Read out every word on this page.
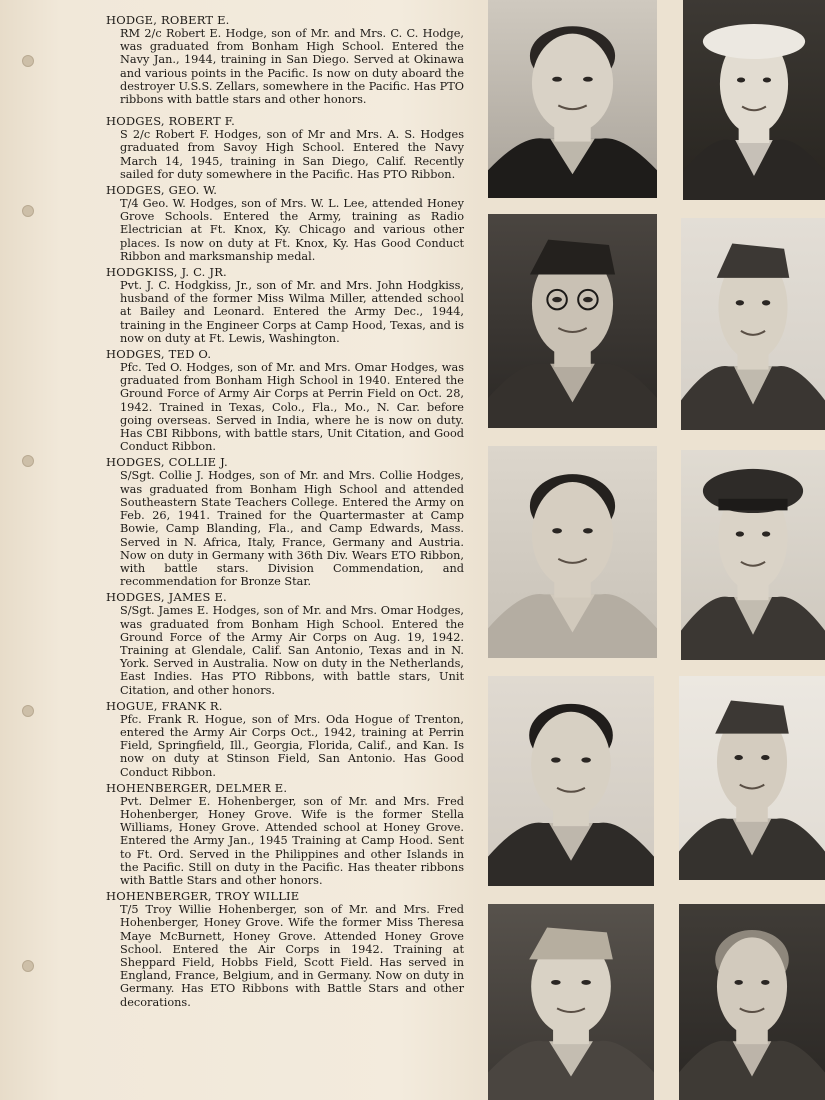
HODGE, ROBERT E.

RM 2/c Robert E. Hodge, son of Mr. and Mrs. C. C. Hodge, was graduated from Bonham High School. Entered the Navy Jan., 1944, training in San Diego. Served at Okinawa and various points in the Pacific. Is now on duty aboard the destroyer U.S.S. Zellars, somewhere in the Pacific. Has PTO ribbons with battle stars and other honors.

HODGES, ROBERT F.

S 2/c Robert F. Hodges, son of Mr and Mrs. A. S. Hodges graduated from Savoy High School. Entered the Navy March 14, 1945, training in San Diego, Calif. Recently sailed for duty somewhere in the Pacific. Has PTO Ribbon.

HODGES, GEO. W.

T/4 Geo. W. Hodges, son of Mrs. W. L. Lee, attended Honey Grove Schools. Entered the Army, training as Radio Electrician at Ft. Knox, Ky. Chicago and various other places. Is now on duty at Ft. Knox, Ky. Has Good Conduct Ribbon and marksmanship medal.

HODGKISS, J. C. JR.

Pvt. J. C. Hodgkiss, Jr., son of Mr. and Mrs. John Hodgkiss, husband of the former Miss Wilma Miller, attended school at Bailey and Leonard. Entered the Army Dec., 1944, training in the Engineer Corps at Camp Hood, Texas, and is now on duty at Ft. Lewis, Washington.

HODGES, TED O.

Pfc. Ted O. Hodges, son of Mr. and Mrs. Omar Hodges, was graduated from Bonham High School in 1940. Entered the Ground Force of Army Air Corps at Perrin Field on Oct. 28, 1942. Trained in Texas, Colo., Fla., Mo., N. Car. before going overseas. Served in India, where he is now on duty. Has CBI Ribbons, with battle stars, Unit Citation, and Good Conduct Ribbon.

HODGES, COLLIE J.

S/Sgt. Collie J. Hodges, son of Mr. and Mrs. Collie Hodges, was graduated from Bonham High School and attended Southeastern State Teachers College. Entered the Army on Feb. 26, 1941. Trained for the Quartermaster at Camp Bowie, Camp Blanding, Fla., and Camp Edwards, Mass. Served in N. Africa, Italy, France, Germany and Austria. Now on duty in Germany with 36th Div. Wears ETO Ribbon, with battle stars. Division Commendation, and recommendation for Bronze Star.

HODGES, JAMES E.

S/Sgt. James E. Hodges, son of Mr. and Mrs. Omar Hodges, was graduated from Bonham High School. Entered the Ground Force of the Army Air Corps on Aug. 19, 1942. Training at Glendale, Calif. San Antonio, Texas and in N. York. Served in Australia. Now on duty in the Netherlands, East Indies. Has PTO Ribbons, with battle stars, Unit Citation, and other honors.

HOGUE, FRANK R.

Pfc. Frank R. Hogue, son of Mrs. Oda Hogue of Trenton, entered the Army Air Corps Oct., 1942, training at Perrin Field, Springfield, Ill., Georgia, Florida, Calif., and Kan. Is now on duty at Stinson Field, San Antonio. Has Good Conduct Ribbon.

HOHENBERGER, DELMER E.

Pvt. Delmer E. Hohenberger, son of Mr. and Mrs. Fred Hohenberger, Honey Grove. Wife is the former Stella Williams, Honey Grove. Attended school at Honey Grove. Entered the Army Jan., 1945 Training at Camp Hood. Sent to Ft. Ord. Served in the Philippines and other Islands in the Pacific. Still on duty in the Pacific. Has theater ribbons with Battle Stars and other honors.

HOHENBERGER, TROY WILLIE

T/5 Troy Willie Hohenberger, son of Mr. and Mrs. Fred Hohenberger, Honey Grove. Wife the former Miss Theresa Maye McBurnett, Honey Grove. Attended Honey Grove School. Entered the Air Corps in 1942. Training at Sheppard Field, Hobbs Field, Scott Field. Has served in England, France, Belgium, and in Germany. Now on duty in Germany. Has ETO Ribbons with Battle Stars and other decorations.
